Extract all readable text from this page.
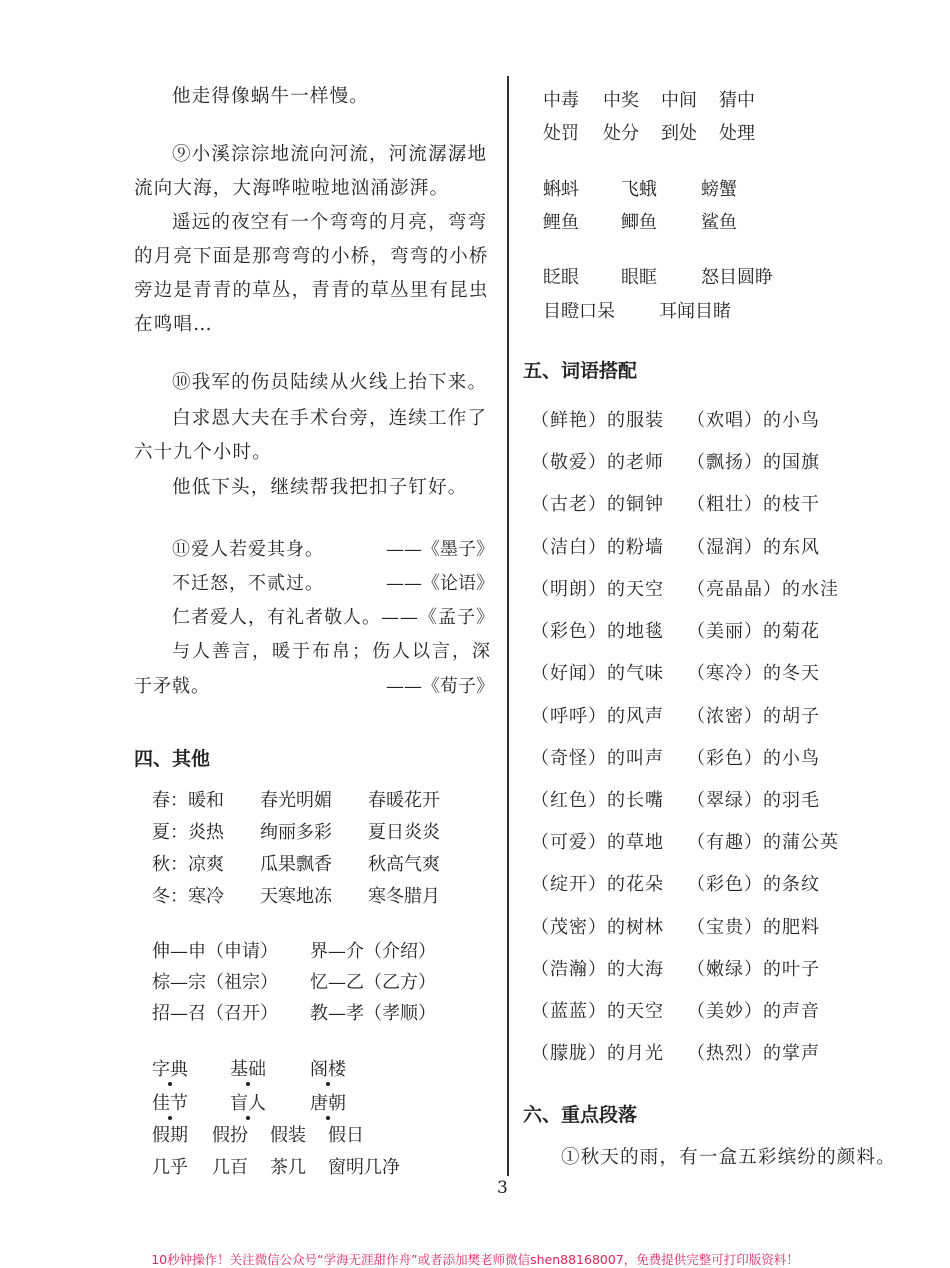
他走得像蜗牛一样慢。
⑨小溪淙淙地流向河流，河流潺潺地
流向大海，大海哗啦啦地汹涌澎湃。
遥远的夜空有一个弯弯的月亮，弯弯
的月亮下面是那弯弯的小桥，弯弯的小桥
旁边是青青的草丛，青青的草丛里有昆虫
在鸣唱…
⑩我军的伤员陆续从火线上抬下来。
白求恩大夫在手术台旁，连续工作了
六十九个小时。
他低下头，继续帮我把扣子钉好。
⑪爱人若爱其身。	——《墨子》
不迁怒，不贰过。	——《论语》
仁者爱人，有礼者敬人。——《孟子》
与人善言，暖于布帛；伤人以言，深
于矛戟。	——《荀子》
四、其他
春：暖和 春光明媚 春暖花开
夏：炎热 绚丽多彩 夏日炎炎
秋：凉爽 瓜果飘香 秋高气爽
冬：寒冷 天寒地冻 寒冬腊月
伸—申（申请） 界—介（介绍）
棕—宗（祖宗） 忆—乙（乙方）
招—召（召开） 教—孝（孝顺）
字典 基础 阁楼
佳节 盲人 唐朝
假期 假扮 假装 假日
几乎 几百 茶几 窗明几净
中毒 中奖 中间 猜中
处罚 处分 到处 处理
蝌蚪 飞蛾 螃蟹
鲤鱼 鲫鱼 鲨鱼
眨眼 眼眶 怒目圆睁
目瞪口呆 耳闻目睹
五、词语搭配
（鲜艳）的服装 （欢唱）的小鸟
（敬爱）的老师 （飘扬）的国旗
（古老）的铜钟 （粗壮）的枝干
（洁白）的粉墙 （湿润）的东风
（明朗）的天空 （亮晶晶）的水洼
（彩色）的地毯 （美丽）的菊花
（好闻）的气味 （寒冷）的冬天
（呼呼）的风声 （浓密）的胡子
（奇怪）的叫声 （彩色）的小鸟
（红色）的长嘴 （翠绿）的羽毛
（可爱）的草地 （有趣）的蒲公英
（绽开）的花朵 （彩色）的条纹
（茂密）的树林 （宝贵）的肥料
（浩瀚）的大海 （嫩绿）的叶子
（蓝蓝）的天空 （美妙）的声音
（朦胧）的月光 （热烈）的掌声
六、重点段落
①秋天的雨，有一盒五彩缤纷的颜料。
3
10秒钟操作！关注微信公众号“学海无涯甜作舟”或者添加樊老师微信shen88168007，免费提供完整可打印版资料！
